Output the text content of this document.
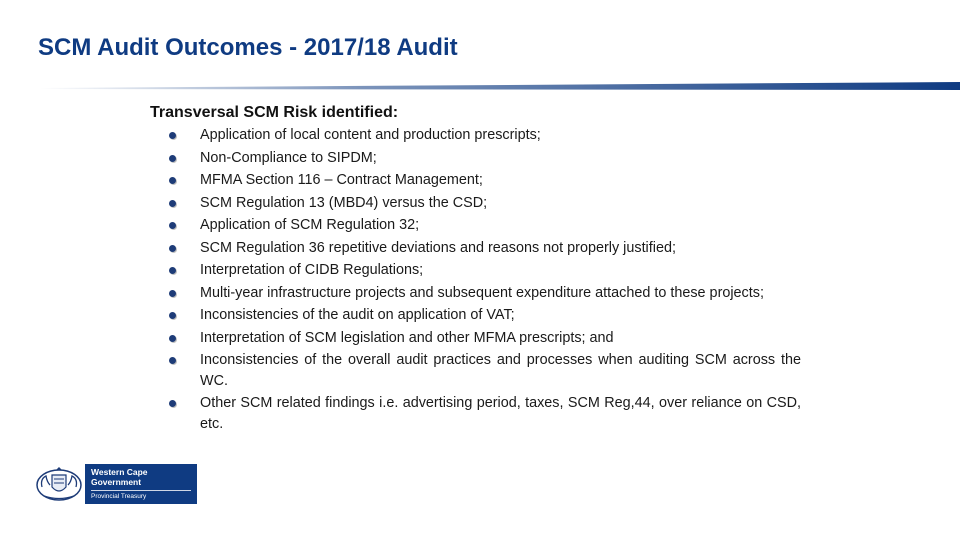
SCM Audit Outcomes - 2017/18 Audit
Transversal SCM Risk identified:
Application of local content and production prescripts;
Non-Compliance to SIPDM;
MFMA Section 116 – Contract Management;
SCM Regulation 13 (MBD4) versus the CSD;
Application of SCM Regulation 32;
SCM Regulation 36 repetitive deviations and reasons not properly justified;
Interpretation of CIDB Regulations;
Multi-year infrastructure projects and subsequent expenditure attached to these projects;
Inconsistencies of the audit on application of VAT;
Interpretation of SCM legislation and other MFMA prescripts; and
Inconsistencies of the overall audit practices and processes when auditing SCM across the WC.
Other SCM related findings i.e. advertising period, taxes, SCM Reg,44, over reliance on CSD, etc.
Western Cape
Government
Provincial Treasury
